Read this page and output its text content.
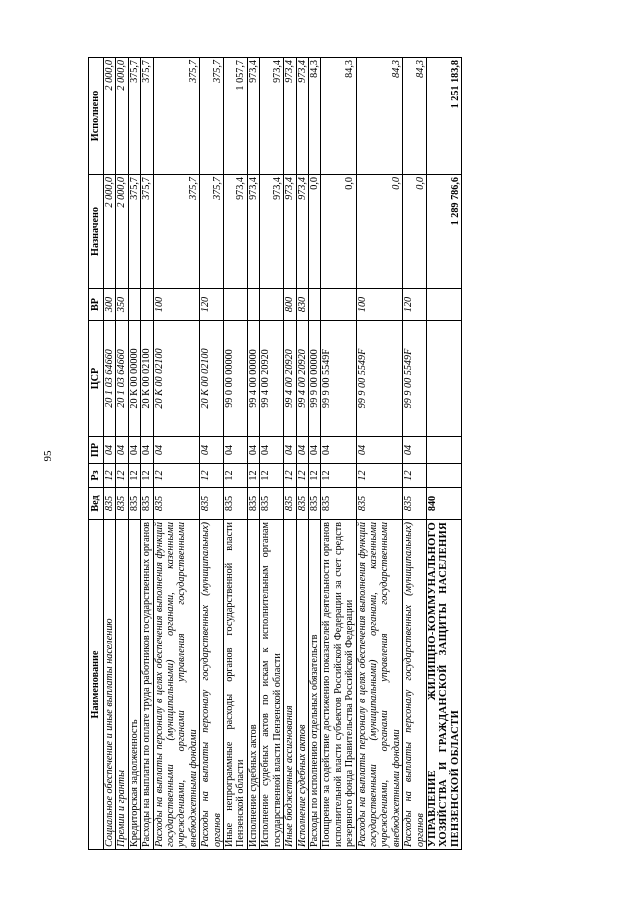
95
Наименование	Вед	Рз	ПР	ЦСР	ВР	Назначено	Исполнено
Социальное обеспечение и иные выплаты населению	835	12	04	20 1 03 64660	300	2 000,0	2 000,0
Премии и гранты	835	12	04	20 1 03 64660	350	2 000,0	2 000,0
Кредиторская задолженность	835	12	04	20 К 00 00000		375,7	375,7
Расходы на выплаты по оплате труда работников государственных органов	835	12	04	20 К 00 02100		375,7	375,7
Расходы на выплаты персоналу в целях обеспечения выполнения функций государственными (муниципальными) органами, казенными учреждениями, органами управления государственными внебюджетными фондами	835	12	04	20 К 00 02100	100	375,7	375,7
Расходы на выплаты персоналу государственных (муниципальных) органов	835	12	04	20 К 00 02100	120	375,7	375,7
Иные непрограммные расходы органов государственной власти Пензенской области	835	12	04	99 0 00 00000		973,4	1 057,7
Исполнение судебных актов	835	12	04	99 4 00 00000		973,4	973,4
Исполнение судебных актов по искам к исполнительным органам государственной власти Пензенской области	835	12	04	99 4 00 20920		973,4	973,4
Иные бюджетные ассигнования	835	12	04	99 4 00 20920	800	973,4	973,4
Исполнение судебных актов	835	12	04	99 4 00 20920	830	973,4	973,4
Расходы по исполнению отдельных обязательств	835	12	04	99 9 00 00000		0,0	84,3
Поощрение за содействие достижению показателей деятельности органов исполнительной власти субъектов Российской Федерации за счет средств резервного фонда Правительства Российской Федерации	835	12	04	99 9 00 5549F		0,0	84,3
Расходы на выплаты персоналу в целях обеспечения выполнения функций государственными (муниципальными) органами, казенными учреждениями, органами управления государственными внебюджетными фондами	835	12	04	99 9 00 5549F	100	0,0	84,3
Расходы на выплаты персоналу государственных (муниципальных) органов	835	12	04	99 9 00 5549F	120	0,0	84,3
УПРАВЛЕНИЕ ЖИЛИЩНО-КОММУНАЛЬНОГО ХОЗЯЙСТВА И ГРАЖДАНСКОЙ ЗАЩИТЫ НАСЕЛЕНИЯ ПЕНЗЕНСКОЙ ОБЛАСТИ	840					1 289 786,6	1 251 183,8
